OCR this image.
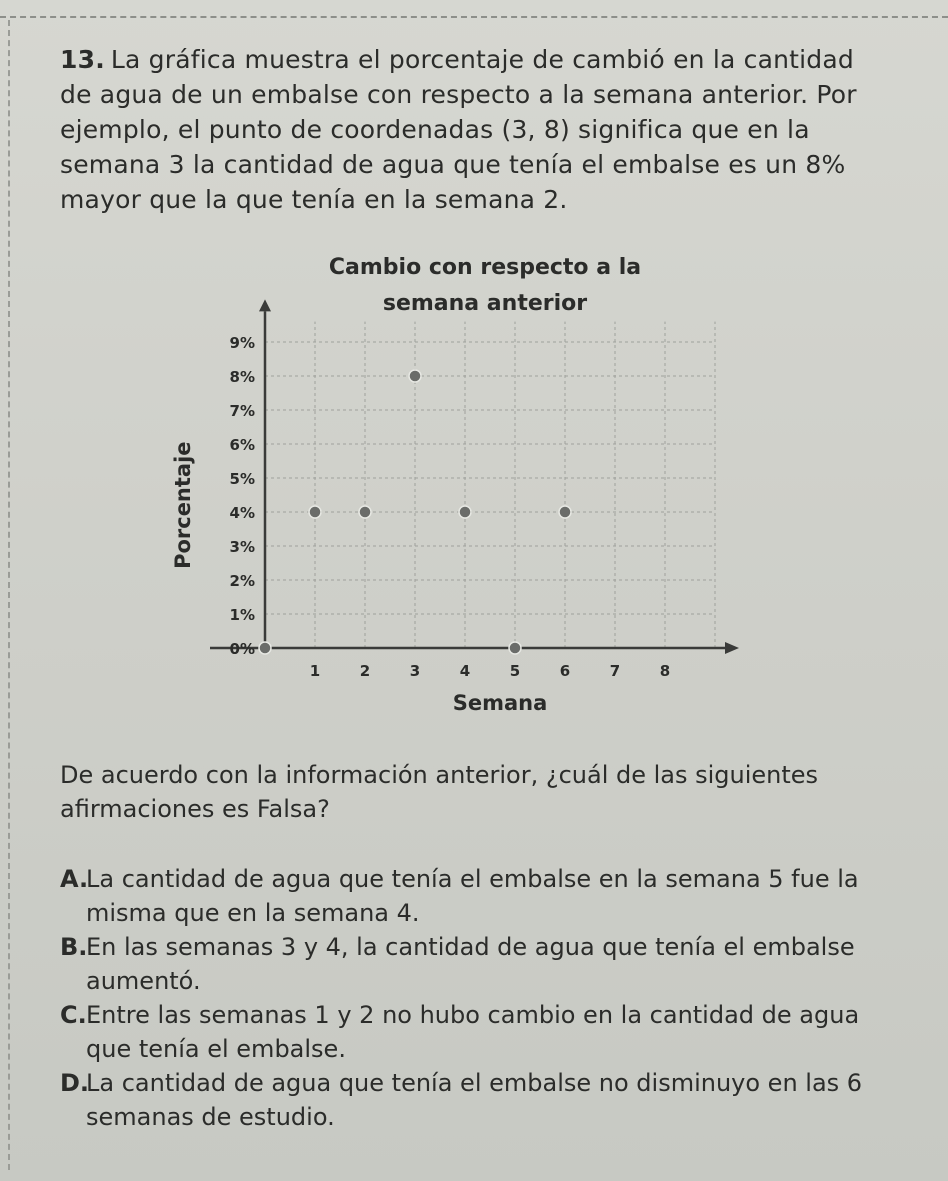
13. La gráfica muestra el porcentaje de cambió en la cantidad de agua de un embalse con respecto a la semana anterior. Por ejemplo, el punto de coordenadas (3, 8) significa que en la semana 3 la cantidad de agua que tenía el embalse es un 8% mayor que la que tenía en la semana 2.
0%
1%
2%
3%
4%
5%
6%
7%
8%
9%
1	2	3	4	5	6	7	8
Semana
Porcentaje
Cambio con respecto a la semana anterior
De acuerdo con la información anterior, ¿cuál de las siguientes afirmaciones es Falsa?
A.
La cantidad de agua que tenía el embalse en la semana 5 fue la misma que en la semana 4.
B.
En las semanas 3 y 4, la cantidad de agua que tenía el embalse aumentó.
C. Entre las semanas 1 y 2 no hubo cambio en la cantidad de agua que tenía el embalse.
D.
La cantidad de agua que tenía el embalse no disminuyo en las 6 semanas de estudio.
